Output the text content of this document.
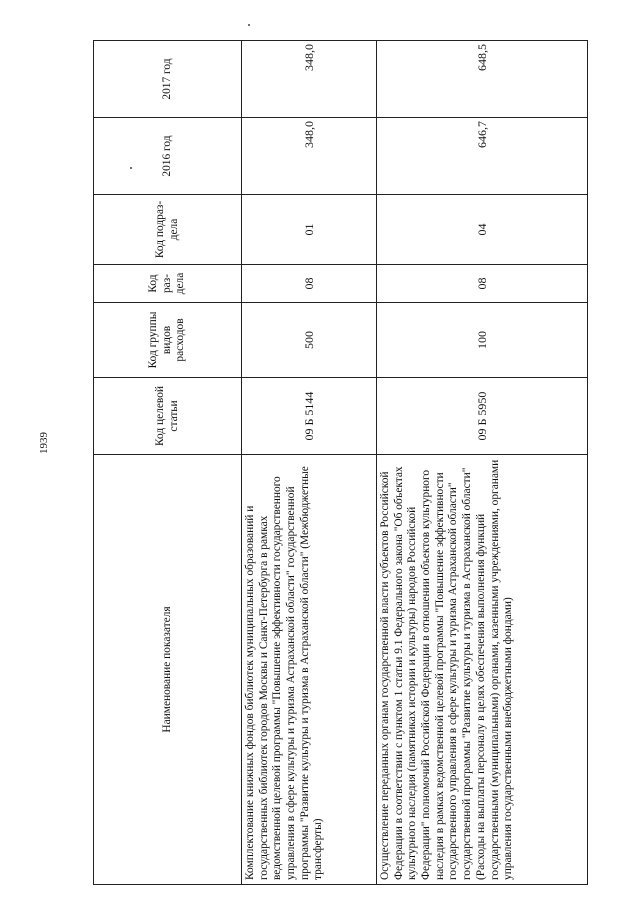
1939
Наименование показателя	Код целевой статьи	Код группы видов расходов	Код раз-дела	Код подраз-дела	2016 год	2017 год
Комплектование книжных фондов библиотек муниципальных образований и государственных библиотек городов Москвы и Санкт-Петербурга в рамках ведомственной целевой программы "Повышение эффективности государственного управления в сфере культуры и туризма Астраханской области" государственной программы "Развитие культуры и туризма в Астраханской области" (Межбюджетные трансферты)	09 Б 5144	500	08	01	348,0	348,0
Осуществление переданных органам государственной власти субъектов Российской Федерации в соответствии с пунктом 1 статьи 9.1 Федерального закона "Об объектах культурного наследия (памятниках истории и культуры) народов Российской Федерации" полномочий Российской Федерации в отношении объектов культурного наследия в рамках ведомственной целевой программы "Повышение эффективности государственного управления в сфере культуры и туризма Астраханской области" государственной программы "Развитие культуры и туризма в Астраханской области" (Расходы на выплаты персоналу в целях обеспечения выполнения функций государственными (муниципальными) органами, казенными учреждениями, органами управления государственными внебюджетными фондами)	09 Б 5950	100	08	04	646,7	648,5
